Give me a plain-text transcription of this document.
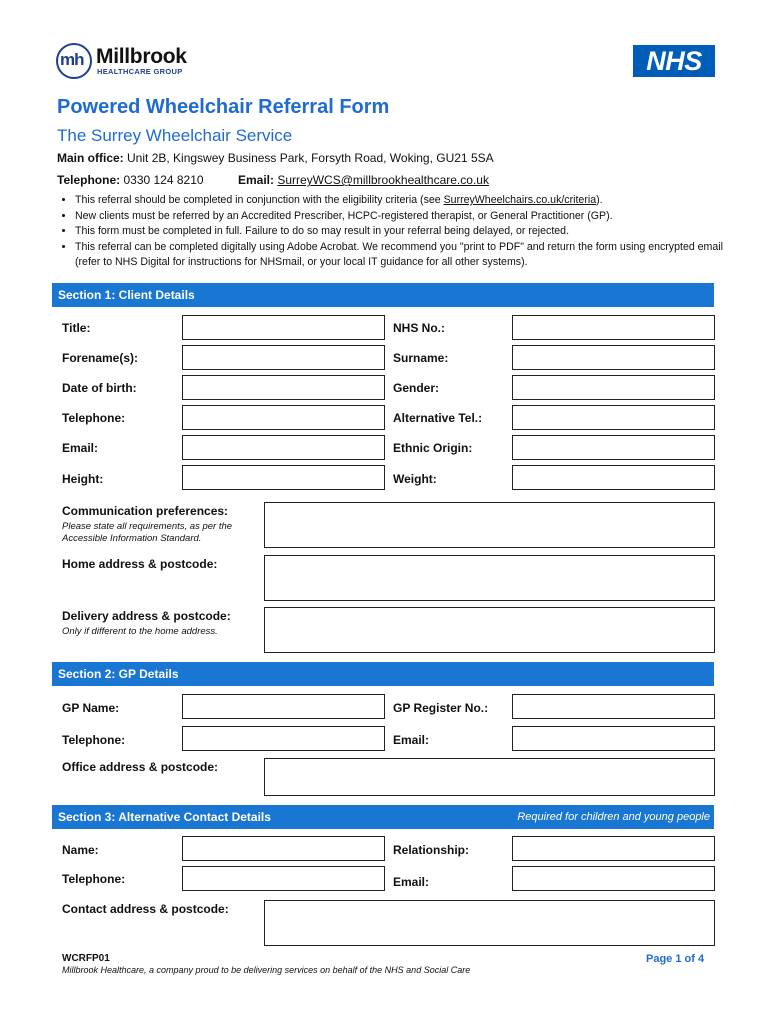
mh Millbrook
HEALTHCARE GROUP	NHS
Powered Wheelchair Referral Form
The Surrey Wheelchair Service
Main office: Unit 2B, Kingswey Business Park, Forsyth Road, Woking, GU21 5SA
Telephone: 0330 124 8210	Email: SurreyWCS@millbrookhealthcare.co.uk
• This referral should be completed in conjunction with the eligibility criteria (see SurreyWheelchairs.co.uk/criteria).
• New clients must be referred by an Accredited Prescriber, HCPC-registered therapist, or General Practitioner (GP).
• This form must be completed in full. Failure to do so may result in your referral being delayed, or rejected.
• This referral can be completed digitally using Adobe Acrobat. We recommend you "print to PDF" and return the form using encrypted email (refer to NHS Digital for instructions for NHSmail, or your local IT guidance for all other systems).
Section 1: Client Details
Title:	NHS No.:
Forename(s):	Surname:
Date of birth:	Gender:
Telephone:	Alternative Tel.:
Email:	Ethnic Origin:
Height:	Weight:
Communication preferences:
Please state all requirements, as per the Accessible Information Standard.
Home address & postcode:
Delivery address & postcode:
Only if different to the home address.
Section 2: GP Details
GP Name:	GP Register No.:
Telephone:	Email:
Office address & postcode:
Section 3: Alternative Contact Details	Required for children and young people
Name:	Relationship:
Telephone:	Email:
Contact address & postcode:
WCRFP01
Millbrook Healthcare, a company proud to be delivering services on behalf of the NHS and Social Care
Page 1 of 4
